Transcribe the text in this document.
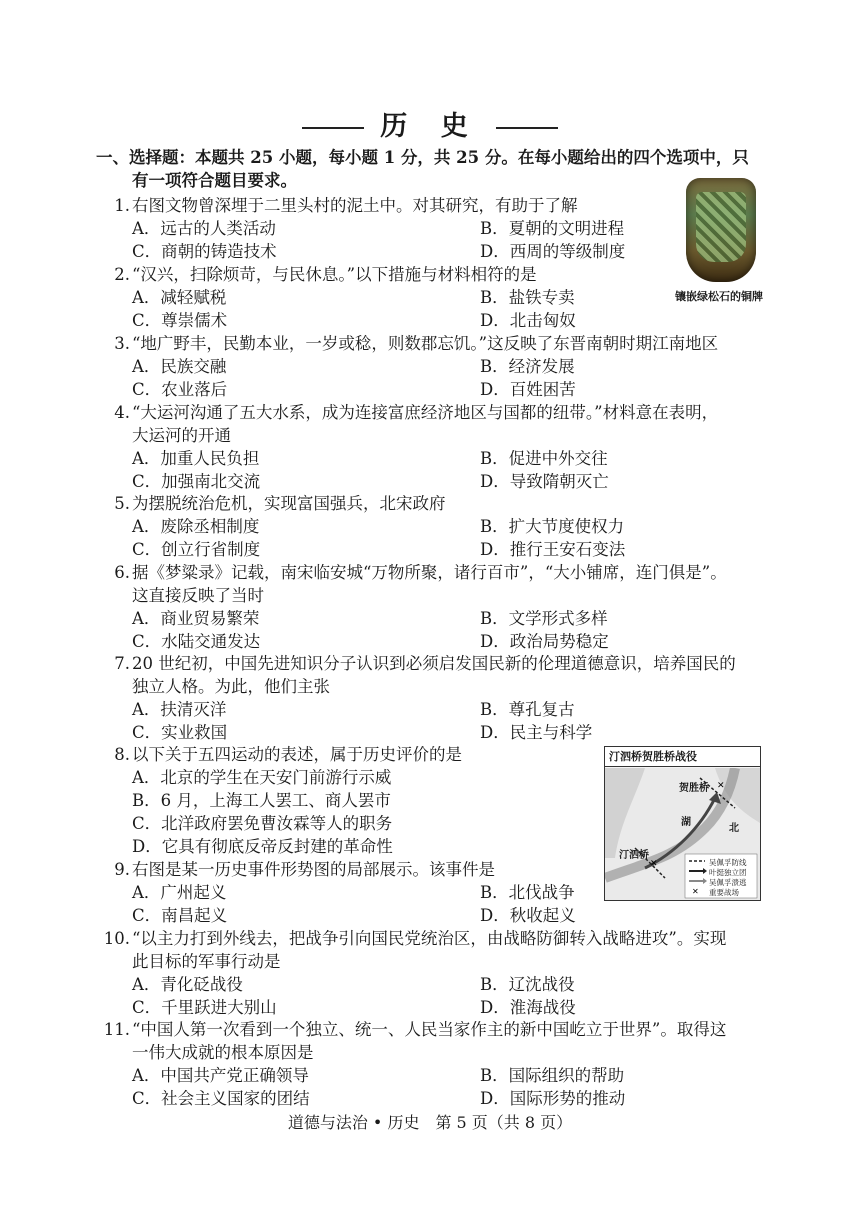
历 史
一、选择题：本题共 25 小题，每小题 1 分，共 25 分。在每小题给出的四个选项中，只
有一项符合题目要求。
1. 右图文物曾深埋于二里头村的泥土中。对其研究，有助于了解
A．远古的人类活动	B．夏朝的文明进程
C．商朝的铸造技术	D．西周的等级制度
2. “汉兴，扫除烦苛，与民休息。”以下措施与材料相符的是
A．减轻赋税	B．盐铁专卖
C．尊崇儒术	D．北击匈奴
3. “地广野丰，民勤本业，一岁或稔，则数郡忘饥。”这反映了东晋南朝时期江南地区
A．民族交融	B．经济发展
C．农业落后	D．百姓困苦
4. “大运河沟通了五大水系，成为连接富庶经济地区与国都的纽带。”材料意在表明，
大运河的开通
A．加重人民负担	B．促进中外交往
C．加强南北交流	D．导致隋朝灭亡
5. 为摆脱统治危机，实现富国强兵，北宋政府
A．废除丞相制度	B．扩大节度使权力
C．创立行省制度	D．推行王安石变法
6. 据《梦粱录》记载，南宋临安城“万物所聚，诸行百市”，“大小铺席，连门俱是”。
这直接反映了当时
A．商业贸易繁荣	B．文学形式多样
C．水陆交通发达	D．政治局势稳定
7. 20 世纪初，中国先进知识分子认识到必须启发国民新的伦理道德意识，培养国民的
独立人格。为此，他们主张
A．扶清灭洋	B．尊孔复古
C．实业救国	D．民主与科学
8. 以下关于五四运动的表述，属于历史评价的是
A．北京的学生在天安门前游行示威
B．6 月，上海工人罢工、商人罢市
C．北洋政府罢免曹汝霖等人的职务
D．它具有彻底反帝反封建的革命性
9. 右图是某一历史事件形势图的局部展示。该事件是
A．广州起义	B．北伐战争
C．南昌起义	D．秋收起义
10. “以主力打到外线去，把战争引向国民党统治区，由战略防御转入战略进攻”。实现
此目标的军事行动是
A．青化砭战役	B．辽沈战役
C．千里跃进大别山	D．淮海战役
11. “中国人第一次看到一个独立、统一、人民当家作主的新中国屹立于世界”。取得这
一伟大成就的根本原因是
A．中国共产党正确领导	B．国际组织的帮助
C．社会主义国家的团结	D．国际形势的推动
镶嵌绿松石的铜牌
汀泗桥贺胜桥战役
✕
✕
✕
贺胜桥
湖
北
汀泗桥
吴佩孚防线
叶挺独立团
吴佩孚溃逃
重要战场
道德与法治 • 历史　第 5 页（共 8 页）
